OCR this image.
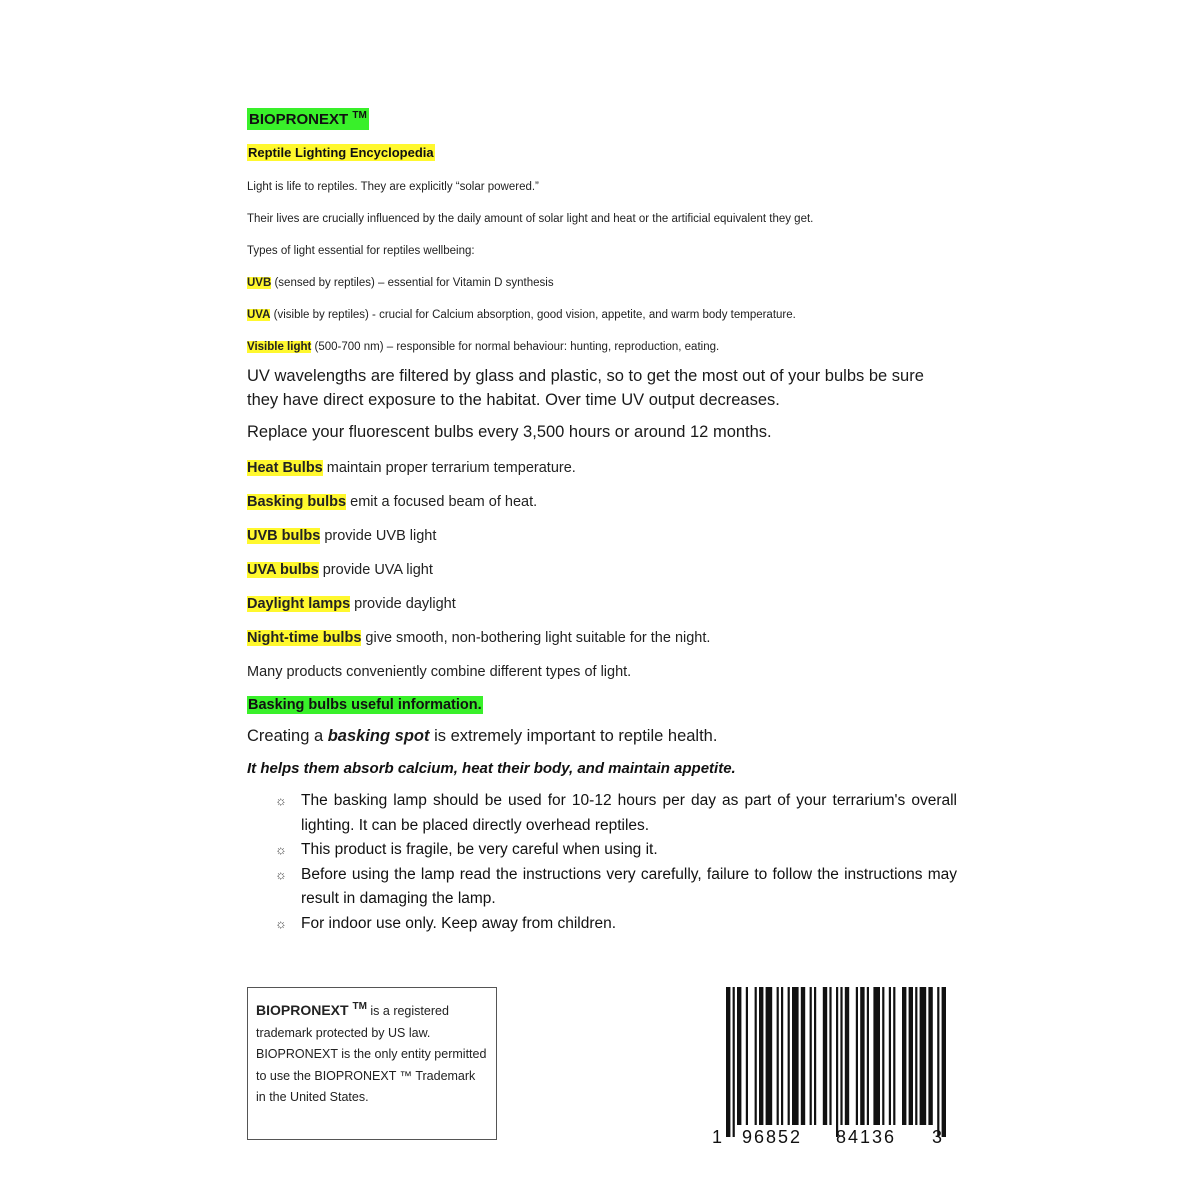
BIOPRONEXT ™
Reptile Lighting Encyclopedia
Light is life to reptiles. They are explicitly “solar powered.”
Their lives are crucially influenced by the daily amount of solar light and heat or the artificial equivalent they get.
Types of light essential for reptiles wellbeing:
UVB (sensed by reptiles) – essential for Vitamin D synthesis
UVA (visible by reptiles) - crucial for Calcium absorption, good vision, appetite, and warm body temperature.
Visible light (500-700 nm) – responsible for normal behaviour: hunting, reproduction, eating.
UV wavelengths are filtered by glass and plastic, so to get the most out of your bulbs be sure they have direct exposure to the habitat. Over time UV output decreases.
Replace your fluorescent bulbs every 3,500 hours or around 12 months.
Heat Bulbs maintain proper terrarium temperature.
Basking bulbs emit a focused beam of heat.
UVB bulbs provide UVB light
UVA bulbs provide UVA light
Daylight lamps provide daylight
Night-time bulbs give smooth, non-bothering light suitable for the night.
Many products conveniently combine different types of light.
Basking bulbs useful information.
Creating a basking spot is extremely important to reptile health.
It helps them absorb calcium, heat their body, and maintain appetite.
☼ The basking lamp should be used for 10-12 hours per day as part of your terrarium's overall lighting. It can be placed directly overhead reptiles.
☼ This product is fragile, be very careful when using it.
☼ Before using the lamp read the instructions very carefully, failure to follow the instructions may result in damaging the lamp.
☼ For indoor use only. Keep away from children.
BIOPRONEXT ™ is a registered trademark protected by US law. BIOPRONEXT is the only entity permitted to use the BIOPRONEXT ™ Trademark in the United States.
1 96852 84136 3
